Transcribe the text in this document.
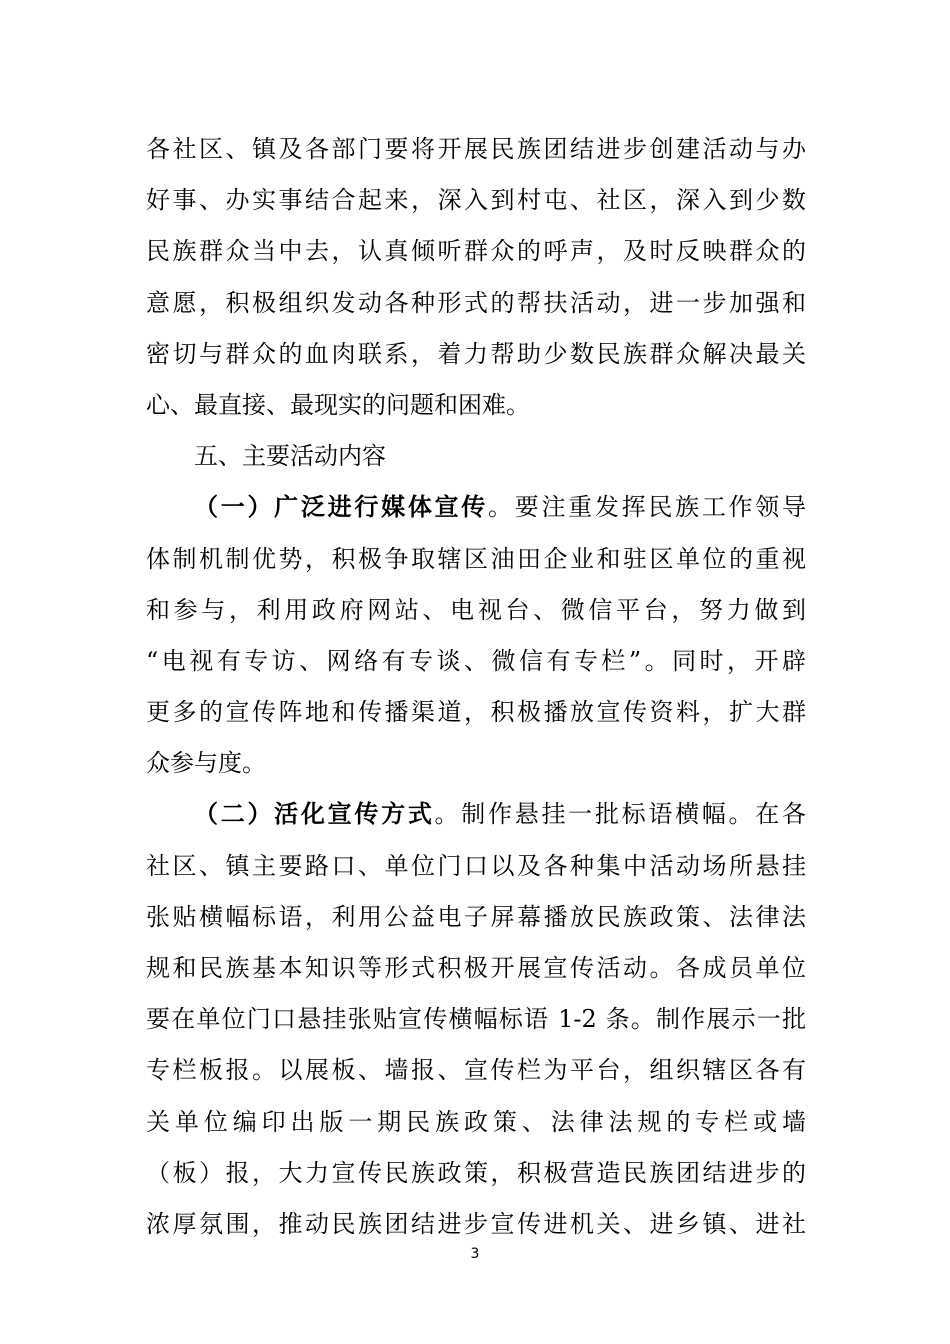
各社区、镇及各部门要将开展民族团结进步创建活动与办
好事、办实事结合起来，深入到村屯、社区，深入到少数
民族群众当中去，认真倾听群众的呼声，及时反映群众的
意愿，积极组织发动各种形式的帮扶活动，进一步加强和
密切与群众的血肉联系，着力帮助少数民族群众解决最关
心、最直接、最现实的问题和困难。
五、主要活动内容
（一）广泛进行媒体宣传。要注重发挥民族工作领导
体制机制优势，积极争取辖区油田企业和驻区单位的重视
和参与，利用政府网站、电视台、微信平台，努力做到
“电视有专访、网络有专谈、微信有专栏”。同时，开辟
更多的宣传阵地和传播渠道，积极播放宣传资料，扩大群
众参与度。
（二）活化宣传方式。制作悬挂一批标语横幅。在各
社区、镇主要路口、单位门口以及各种集中活动场所悬挂
张贴横幅标语，利用公益电子屏幕播放民族政策、法律法
规和民族基本知识等形式积极开展宣传活动。各成员单位
要在单位门口悬挂张贴宣传横幅标语 1-2 条。制作展示一批
专栏板报。以展板、墙报、宣传栏为平台，组织辖区各有
关单位编印出版一期民族政策、法律法规的专栏或墙
（板）报，大力宣传民族政策，积极营造民族团结进步的
浓厚氛围，推动民族团结进步宣传进机关、进乡镇、进社
3
